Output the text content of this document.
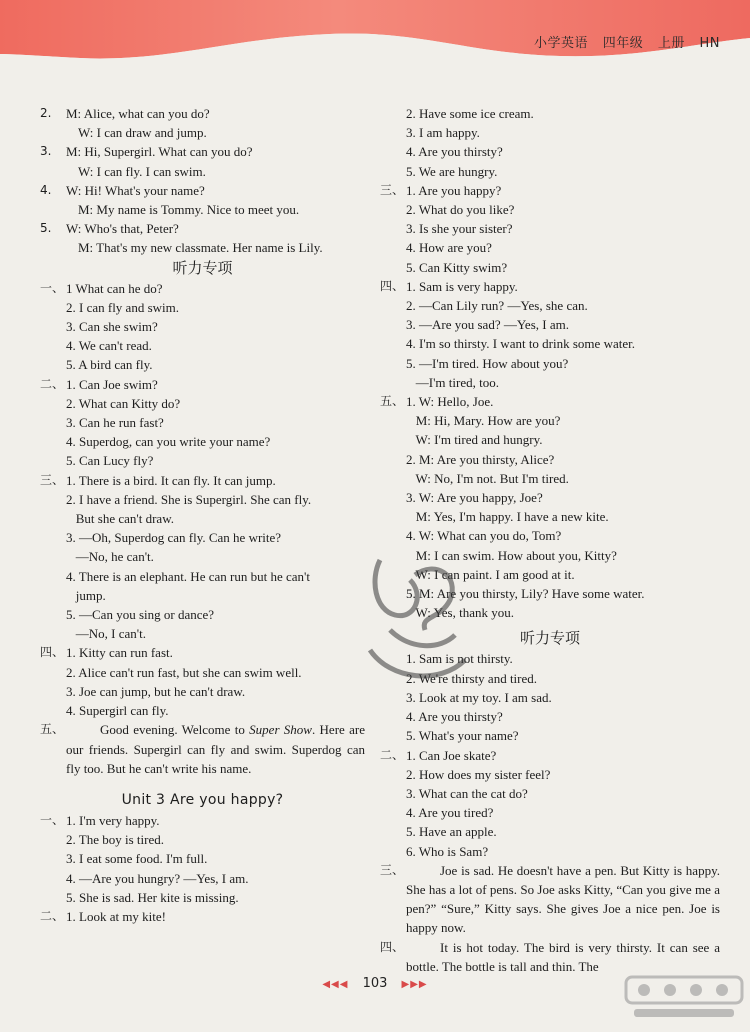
小学英语 四年级 上册 HN
2.	M: Alice, what can you do?
W: I can draw and jump.
3.	M: Hi, Supergirl. What can you do?
W: I can fly. I can swim.
4.	W: Hi! What's your name?
M: My name is Tommy. Nice to meet you.
5.	W: Who's that, Peter?
M: That's my new classmate. Her name is Lily.
听力专项
一、 1 What can he do?
2. I can fly and swim.
3. Can she swim?
4. We can't read.
5. A bird can fly.
二、 1. Can Joe swim?
2. What can Kitty do?
3. Can he run fast?
4. Superdog, can you write your name?
5. Can Lucy fly?
三、 1. There is a bird. It can fly. It can jump.
2. I have a friend. She is Supergirl. She can fly.
But she can't draw.
3. —Oh, Superdog can fly. Can he write?
—No, he can't.
4. There is an elephant. He can run but he can't
jump.
5. —Can you sing or dance?
—No, I can't.
四、 1. Kitty can run fast.
2. Alice can't run fast, but she can swim well.
3. Joe can jump, but he can't draw.
4. Supergirl can fly.
五、	Good evening. Welcome to Super Show. Here are our friends. Supergirl can fly and swim. Superdog can fly too. But he can't write his name.
Unit 3 Are you happy?
一、 1. I'm very happy.
2. The boy is tired.
3. I eat some food. I'm full.
4. —Are you hungry? —Yes, I am.
5. She is sad. Her kite is missing.
二、 1. Look at my kite!
2. Have some ice cream.
3. I am happy.
4. Are you thirsty?
5. We are hungry.
三、 1. Are you happy?
2. What do you like?
3. Is she your sister?
4. How are you?
5. Can Kitty swim?
四、 1. Sam is very happy.
2. —Can Lily run? —Yes, she can.
3. —Are you sad? —Yes, I am.
4. I'm so thirsty. I want to drink some water.
5. —I'm tired. How about you?
—I'm tired, too.
五、 1. W: Hello, Joe.
M: Hi, Mary. How are you?
W: I'm tired and hungry.
2. M: Are you thirsty, Alice?
W: No, I'm not. But I'm tired.
3. W: Are you happy, Joe?
M: Yes, I'm happy. I have a new kite.
4. W: What can you do, Tom?
M: I can swim. How about you, Kitty?
W: I can paint. I am good at it.
5. M: Are you thirsty, Lily? Have some water.
W: Yes, thank you.
听力专项
1. Sam is not thirsty.
2. We're thirsty and tired.
3. Look at my toy. I am sad.
4. Are you thirsty?
5. What's your name?
二、 1. Can Joe skate?
2. How does my sister feel?
3. What can the cat do?
4. Are you tired?
5. Have an apple.
6. Who is Sam?
三、	Joe is sad. He doesn't have a pen. But Kitty is happy. She has a lot of pens. So Joe asks Kitty, “Can you give me a pen?” “Sure,” Kitty says. She gives Joe a nice pen. Joe is happy now.
四、	It is hot today. The bird is very thirsty. It can see a bottle. The bottle is tall and thin. The
◀◀◀ 103 ▶▶▶
